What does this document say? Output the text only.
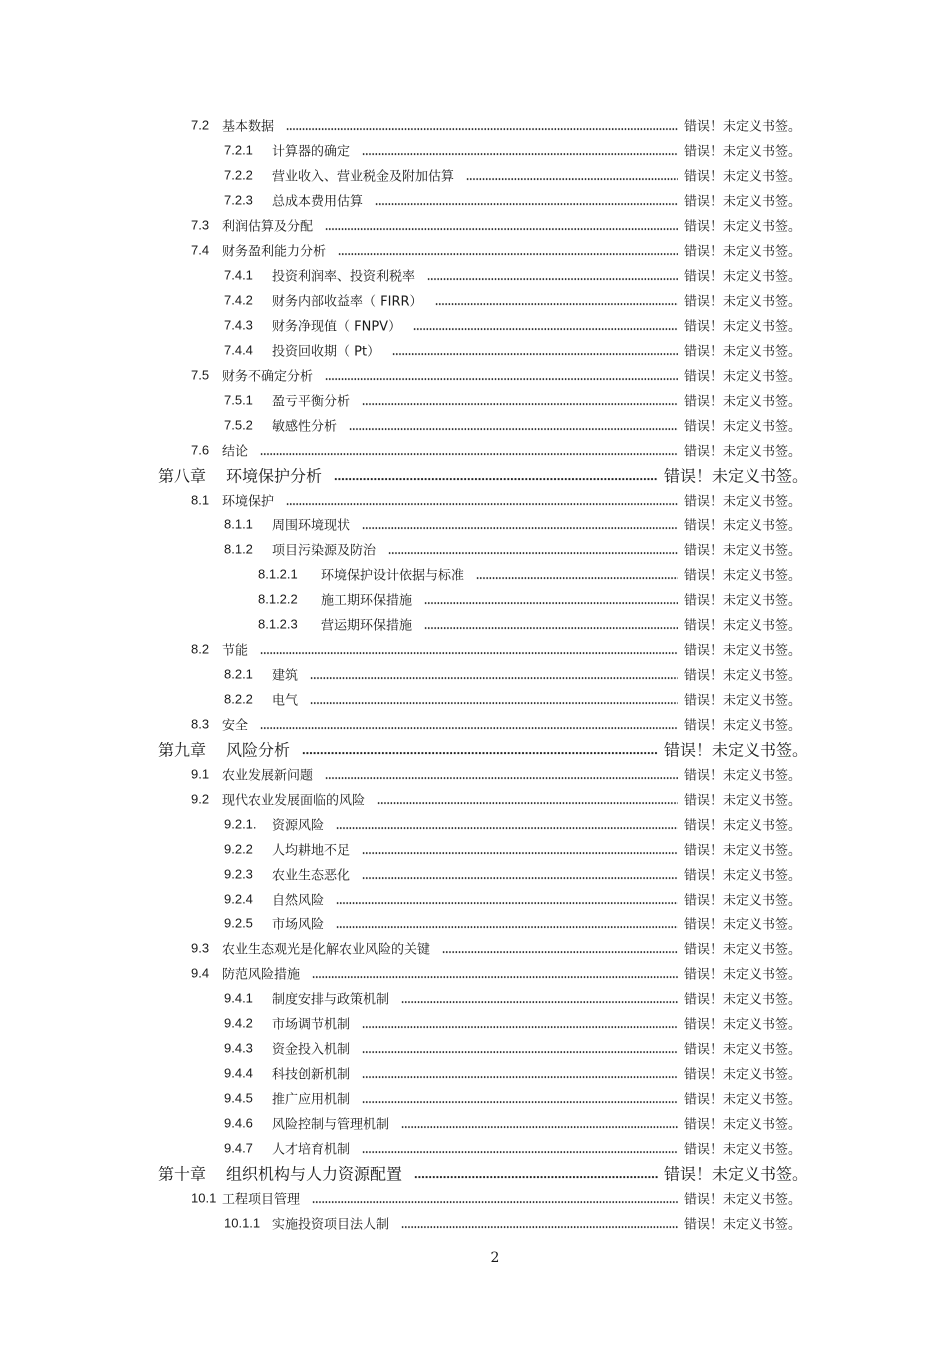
7.2 基本数据	错误！未定义书签。
7.2.1 计算器的确定	错误！未定义书签。
7.2.2 营业收入、营业税金及附加估算	错误！未定义书签。
7.2.3 总成本费用估算	错误！未定义书签。
7.3 利润估算及分配	错误！未定义书签。
7.4 财务盈利能力分析	错误！未定义书签。
7.4.1 投资利润率、投资利税率	错误！未定义书签。
7.4.2 财务内部收益率（ FIRR）	错误！未定义书签。
7.4.3 财务净现值（ FNPV）	错误！未定义书签。
7.4.4 投资回收期（ Pt）	错误！未定义书签。
7.5 财务不确定分析	错误！未定义书签。
7.5.1 盈亏平衡分析	错误！未定义书签。
7.5.2 敏感性分析	错误！未定义书签。
7.6 结论	错误！未定义书签。
第八章 环境保护分析	错误！未定义书签。
8.1 环境保护	错误！未定义书签。
8.1.1 周围环境现状	错误！未定义书签。
8.1.2 项目污染源及防治	错误！未定义书签。
8.1.2.1 环境保护设计依据与标准	错误！未定义书签。
8.1.2.2 施工期环保措施	错误！未定义书签。
8.1.2.3 营运期环保措施	错误！未定义书签。
8.2 节能	错误！未定义书签。
8.2.1 建筑	错误！未定义书签。
8.2.2 电气	错误！未定义书签。
8.3 安全	错误！未定义书签。
第九章 风险分析	错误！未定义书签。
9.1 农业发展新问题	错误！未定义书签。
9.2 现代农业发展面临的风险	错误！未定义书签。
9.2.1. 资源风险	错误！未定义书签。
9.2.2 人均耕地不足	错误！未定义书签。
9.2.3 农业生态恶化	错误！未定义书签。
9.2.4 自然风险	错误！未定义书签。
9.2.5 市场风险	错误！未定义书签。
9.3 农业生态观光是化解农业风险的关键	错误！未定义书签。
9.4 防范风险措施	错误！未定义书签。
9.4.1 制度安排与政策机制	错误！未定义书签。
9.4.2 市场调节机制	错误！未定义书签。
9.4.3 资金投入机制	错误！未定义书签。
9.4.4 科技创新机制	错误！未定义书签。
9.4.5 推广应用机制	错误！未定义书签。
9.4.6 风险控制与管理机制	错误！未定义书签。
9.4.7 人才培育机制	错误！未定义书签。
第十章 组织机构与人力资源配置	错误！未定义书签。
10.1 工程项目管理	错误！未定义书签。
10.1.1 实施投资项目法人制	错误！未定义书签。
2
